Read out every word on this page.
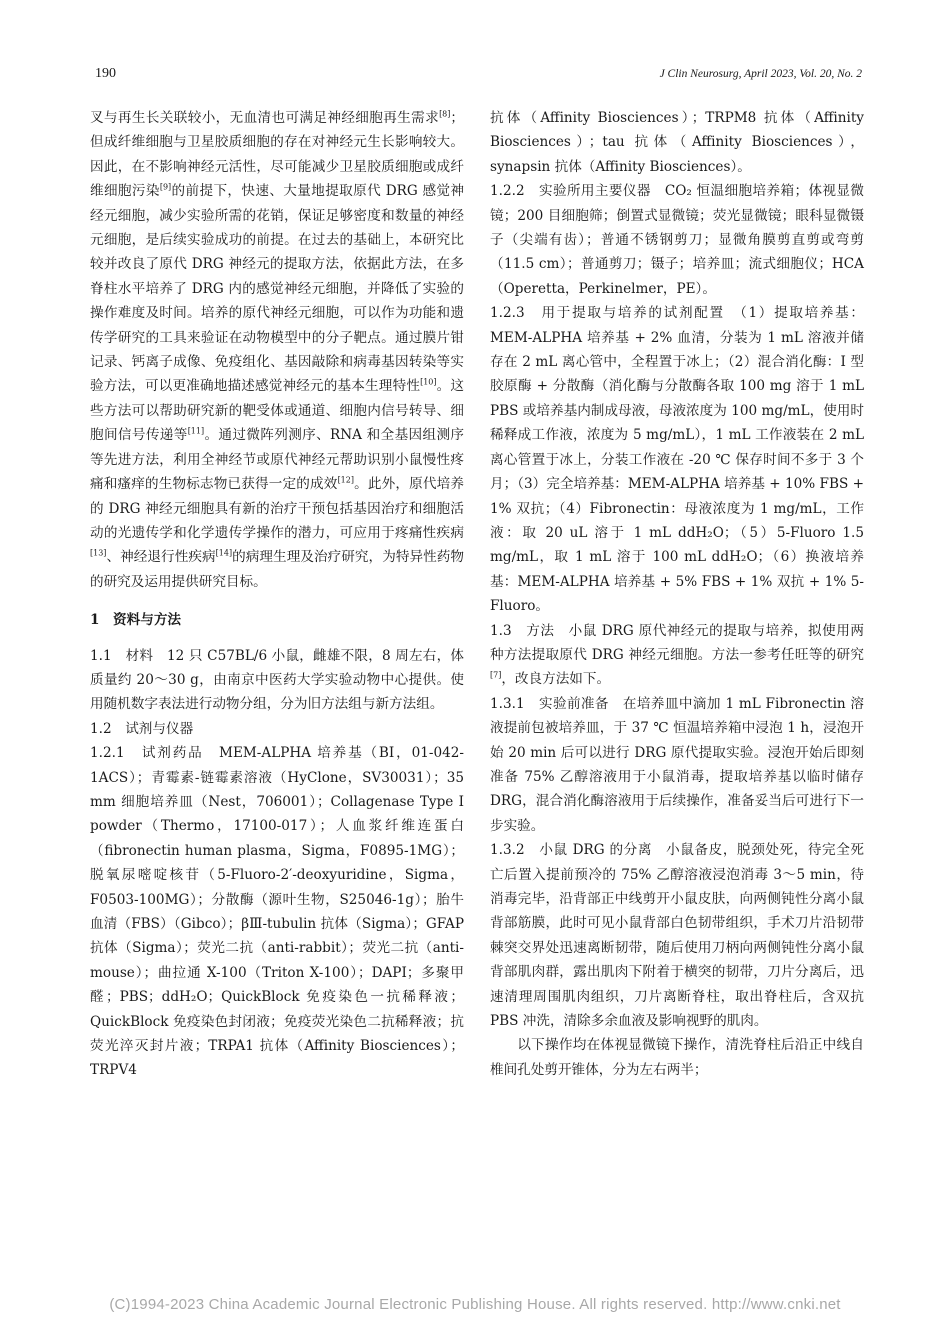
190	J Clin Neurosurg, April 2023, Vol. 20, No. 2

叉与再生长关联较小，无血清也可满足神经细胞再生需求[8]；但成纤维细胞与卫星胶质细胞的存在对神经元生长影响较大。因此，在不影响神经元活性，尽可能减少卫星胶质细胞或成纤维细胞污染[9]的前提下，快速、大量地提取原代 DRG 感觉神经元细胞，减少实验所需的花销，保证足够密度和数量的神经元细胞，是后续实验成功的前提。在过去的基础上，本研究比较并改良了原代 DRG 神经元的提取方法，依据此方法，在多脊柱水平培养了 DRG 内的感觉神经元细胞，并降低了实验的操作难度及时间。培养的原代神经元细胞，可以作为功能和遗传学研究的工具来验证在动物模型中的分子靶点。通过膜片钳记录、钙离子成像、免疫组化、基因敲除和病毒基因转染等实验方法，可以更准确地描述感觉神经元的基本生理特性[10]。这些方法可以帮助研究新的靶受体或通道、细胞内信号转导、细胞间信号传递等[11]。通过微阵列测序、RNA 和全基因组测序等先进方法，利用全神经节或原代神经元帮助识别小鼠慢性疼痛和瘙痒的生物标志物已获得一定的成效[12]。此外，原代培养的 DRG 神经元细胞具有新的治疗干预包括基因治疗和细胞活动的光遗传学和化学遗传学操作的潜力，可应用于疼痛性疾病[13]、神经退行性疾病[14]的病理生理及治疗研究，为特异性药物的研究及运用提供研究目标。

1　资料与方法

1.1　材料　12 只 C57BL/6 小鼠，雌雄不限，8 周左右，体质量约 20～30 g，由南京中医药大学实验动物中心提供。使用随机数字表法进行动物分组，分为旧方法组与新方法组。

1.2　试剂与仪器

1.2.1　试剂药品　MEM-ALPHA 培养基（BI，01-042-1ACS）；青霉素-链霉素溶液（HyClone，SV30031）；35 mm 细胞培养皿（Nest，706001）；Collagenase Type I powder（Thermo，17100-017）；人血浆纤维连蛋白（fibronectin human plasma，Sigma，F0895-1MG）；脱氧尿嘧啶核苷（5-Fluoro-2′-deoxyuridine，Sigma，F0503-100MG）；分散酶（源叶生物，S25046-1g）；胎牛血清（FBS）（Gibco）；βⅢ-tubulin 抗体（Sigma）；GFAP 抗体（Sigma）；荧光二抗（anti-rabbit）；荧光二抗（anti-mouse）；曲拉通 X-100（Triton X-100）；DAPI；多聚甲醛；PBS；ddH₂O；QuickBlock 免疫染色一抗稀释液；QuickBlock 免疫染色封闭液；免疫荧光染色二抗稀释液；抗荧光淬灭封片液；TRPA1 抗体（Affinity Biosciences）；TRPV4

抗体（Affinity Biosciences）；TRPM8 抗体（Affinity Biosciences）；tau 抗体（Affinity Biosciences），synapsin 抗体（Affinity Biosciences）。

1.2.2　实验所用主要仪器　CO₂ 恒温细胞培养箱；体视显微镜；200 目细胞筛；倒置式显微镜；荧光显微镜；眼科显微镊子（尖端有齿）；普通不锈钢剪刀；显微角膜剪直剪或弯剪（11.5 cm）；普通剪刀；镊子；培养皿；流式细胞仪；HCA（Operetta，Perkinelmer，PE）。

1.2.3　用于提取与培养的试剂配置　（1）提取培养基：MEM-ALPHA 培养基 + 2% 血清，分装为 1 mL 溶液并储存在 2 mL 离心管中，全程置于冰上；（2）混合消化酶：I 型胶原酶 + 分散酶（消化酶与分散酶各取 100 mg 溶于 1 mL PBS 或培养基内制成母液，母液浓度为 100 mg/mL，使用时稀释成工作液，浓度为 5 mg/mL），1 mL 工作液装在 2 mL 离心管置于冰上，分装工作液在 -20 ℃ 保存时间不多于 3 个月；（3）完全培养基：MEM-ALPHA 培养基 + 10% FBS + 1% 双抗；（4）Fibronectin：母液浓度为 1 mg/mL，工作液：取 20 uL 溶于 1 mL ddH₂O；（5）5-Fluoro 1.5 mg/mL，取 1 mL 溶于 100 mL ddH₂O；（6）换液培养基：MEM-ALPHA 培养基 + 5% FBS + 1% 双抗 + 1% 5-Fluoro。

1.3　方法　小鼠 DRG 原代神经元的提取与培养，拟使用两种方法提取原代 DRG 神经元细胞。方法一参考任旺等的研究[7]，改良方法如下。

1.3.1　实验前准备　在培养皿中滴加 1 mL Fibronectin 溶液提前包被培养皿，于 37 ℃ 恒温培养箱中浸泡 1 h，浸泡开始 20 min 后可以进行 DRG 原代提取实验。浸泡开始后即刻准备 75% 乙醇溶液用于小鼠消毒，提取培养基以临时储存 DRG，混合消化酶溶液用于后续操作，准备妥当后可进行下一步实验。

1.3.2　小鼠 DRG 的分离　小鼠备皮，脱颈处死，待完全死亡后置入提前预冷的 75% 乙醇溶液浸泡消毒 3～5 min，待消毒完毕，沿背部正中线剪开小鼠皮肤，向两侧钝性分离小鼠背部筋膜，此时可见小鼠背部白色韧带组织，手术刀片沿韧带棘突交界处迅速离断韧带，随后使用刀柄向两侧钝性分离小鼠背部肌肉群，露出肌肉下附着于横突的韧带，刀片分离后，迅速清理周围肌肉组织，刀片离断脊柱，取出脊柱后，含双抗 PBS 冲洗，清除多余血液及影响视野的肌肉。

以下操作均在体视显微镜下操作，清洗脊柱后沿正中线自椎间孔处剪开锥体，分为左右两半；

(C)1994-2023 China Academic Journal Electronic Publishing House. All rights reserved. http://www.cnki.net
